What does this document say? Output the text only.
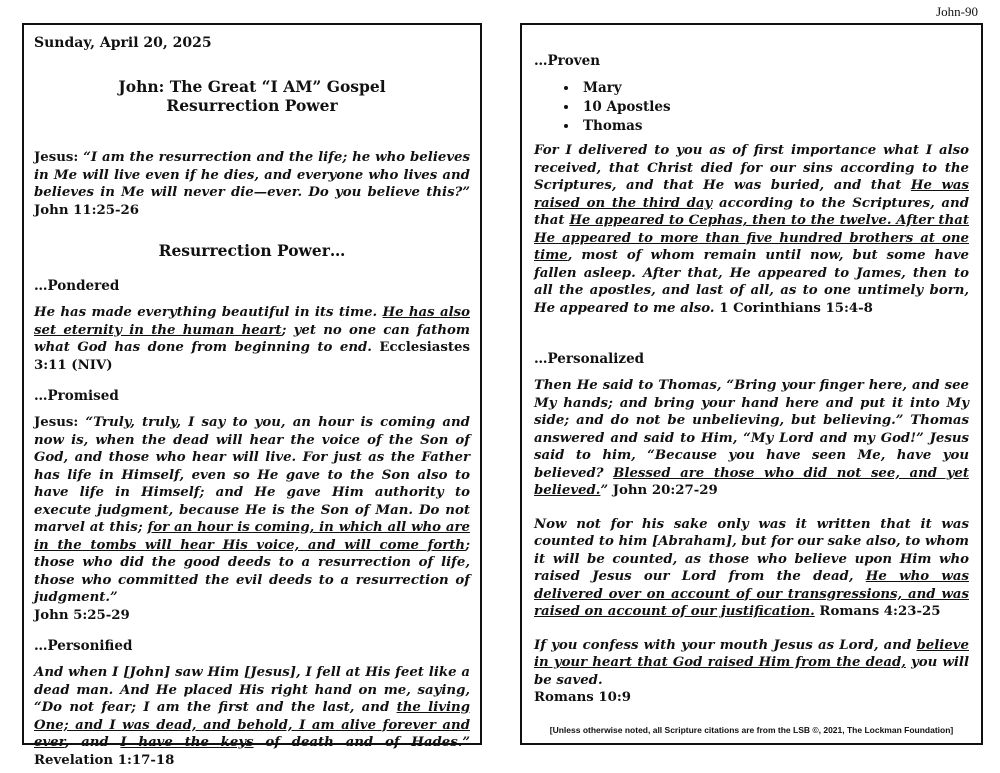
John-90
Sunday, April 20, 2025
John: The Great “I AM” Gospel
Resurrection Power

Jesus: “I am the resurrection and the life; he who believes in Me will live even if he dies, and everyone who lives and believes in Me will never die—ever. Do you believe this?” John 11:25-26

Resurrection Power…
…Pondered

He has made everything beautiful in its time. He has also set eternity in the human heart; yet no one can fathom what God has done from beginning to end. Ecclesiastes 3:11 (NIV)

…Promised

Jesus: “Truly, truly, I say to you, an hour is coming and now is, when the dead will hear the voice of the Son of God, and those who hear will live. For just as the Father has life in Himself, even so He gave to the Son also to have life in Himself; and He gave Him authority to execute judgment, because He is the Son of Man. Do not marvel at this; for an hour is coming, in which all who are in the tombs will hear His voice, and will come forth; those who did the good deeds to a resurrection of life, those who committed the evil deeds to a resurrection of judgment.”
John 5:25-29

…Personified

And when I [John] saw Him [Jesus], I fell at His feet like a dead man. And He placed His right hand on me, saying, “Do not fear; I am the first and the last, and the living One; and I was dead, and behold, I am alive forever and ever, and I have the keys of death and of Hades.” Revelation 1:17-18

…Proven
• Mary
• 10 Apostles
• Thomas

For I delivered to you as of first importance what I also received, that Christ died for our sins according to the Scriptures, and that He was buried, and that He was raised on the third day according to the Scriptures, and that He appeared to Cephas, then to the twelve. After that He appeared to more than five hundred brothers at one time, most of whom remain until now, but some have fallen asleep. After that, He appeared to James, then to all the apostles, and last of all, as to one untimely born, He appeared to me also. 1 Corinthians 15:4-8

…Personalized

Then He said to Thomas, “Bring your finger here, and see My hands; and bring your hand here and put it into My side; and do not be unbelieving, but believing.” Thomas answered and said to Him, “My Lord and my God!” Jesus said to him, “Because you have seen Me, have you believed? Blessed are those who did not see, and yet believed.” John 20:27-29

Now not for his sake only was it written that it was counted to him [Abraham], but for our sake also, to whom it will be counted, as those who believe upon Him who raised Jesus our Lord from the dead, He who was delivered over on account of our transgressions, and was raised on account of our justification. Romans 4:23-25

If you confess with your mouth Jesus as Lord, and believe in your heart that God raised Him from the dead, you will be saved.
Romans 10:9

[Unless otherwise noted, all Scripture citations are from the LSB ©, 2021, The Lockman Foundation]
